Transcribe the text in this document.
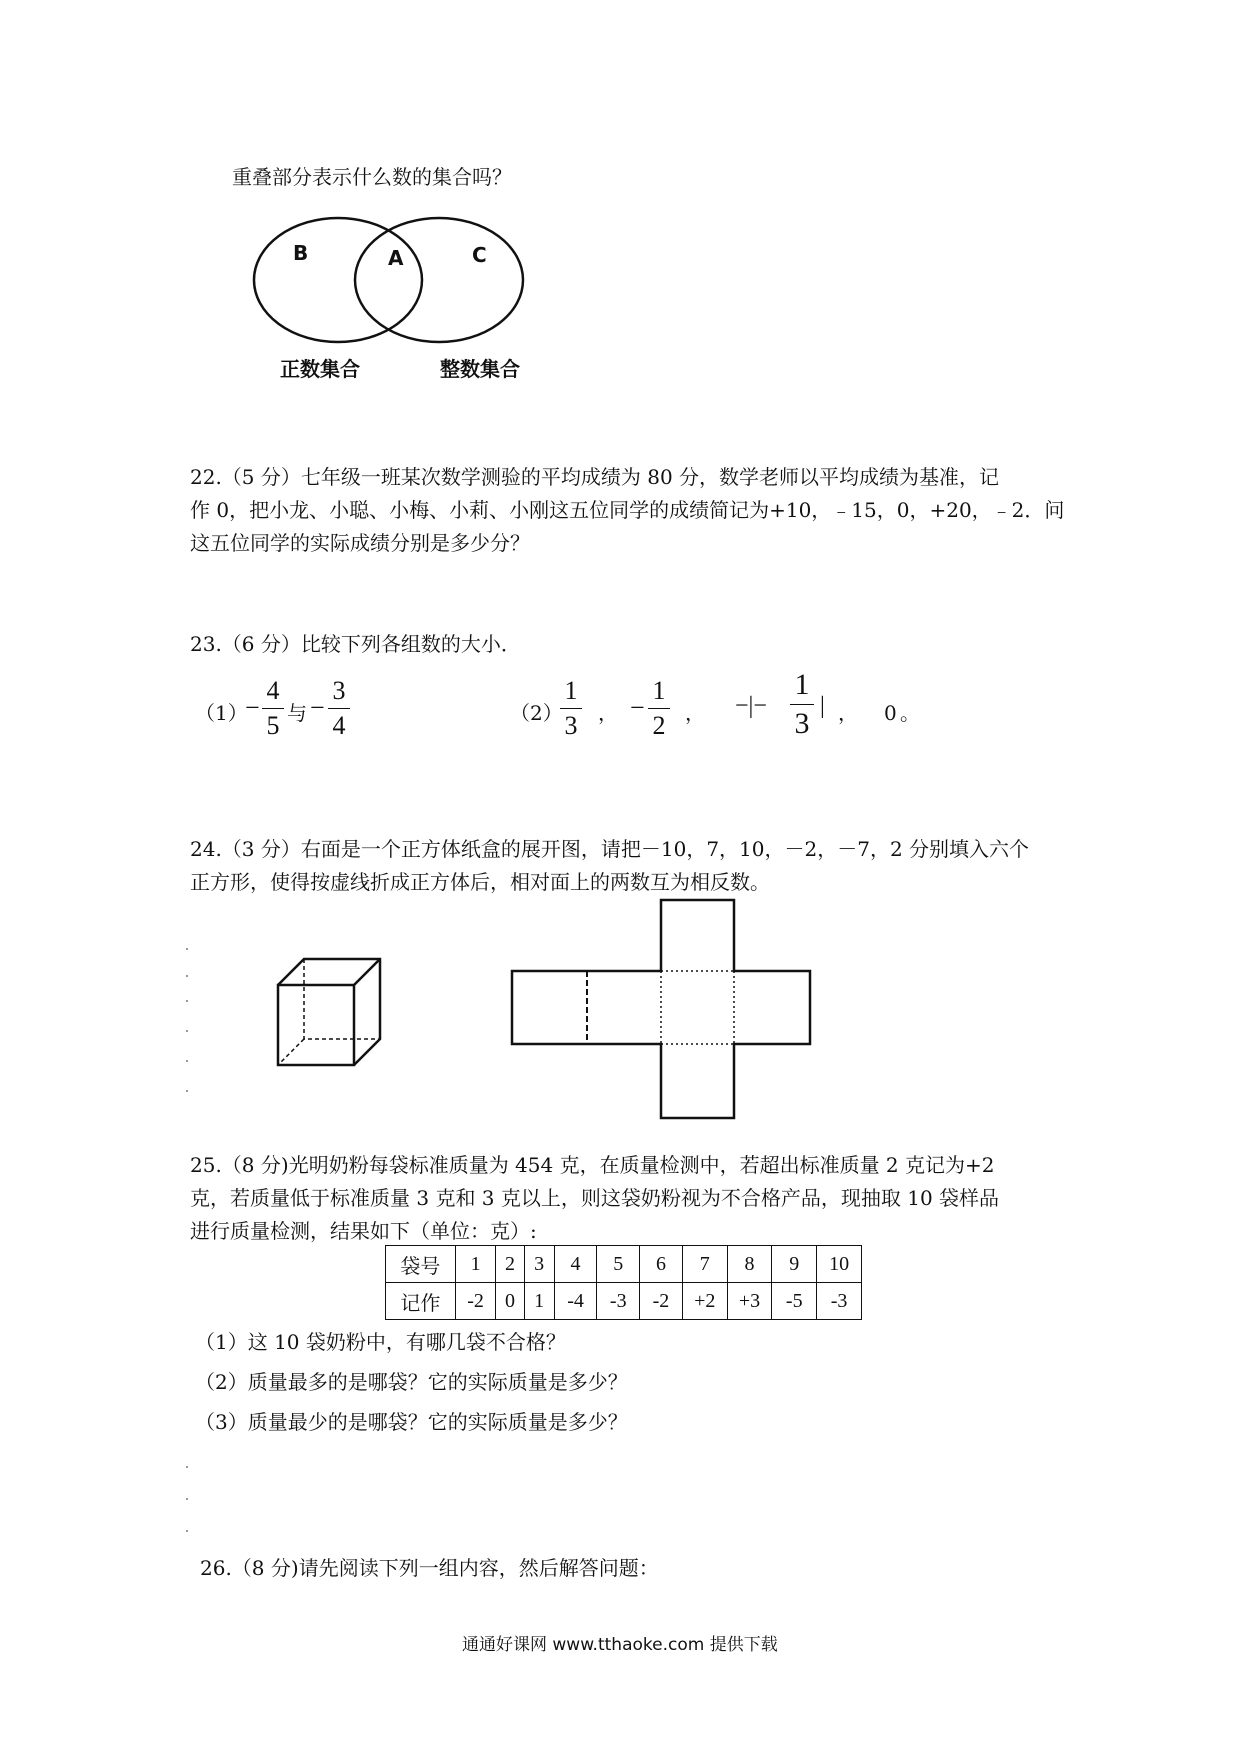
重叠部分表示什么数的集合吗？
B	A	C
正数集合	整数集合
22.（5 分）七年级一班某次数学测验的平均成绩为 80 分，数学老师以平均成绩为基准，记
作 0，把小龙、小聪、小梅、小莉、小刚这五位同学的成绩简记为+10，﹣15，0，+20，﹣2．问
这五位同学的实际成绩分别是多少分？
23.（6 分）比较下列各组数的大小．
（1）
−
4
5 与 −
3
4	（2）
1
3 ， −
1
2 ， −|−
1
3
| ， 0 。
24.（3 分）右面是一个正方体纸盒的展开图，请把－10，7，10，－2，－7，2 分别填入六个
正方形，使得按虚线折成正方体后，相对面上的两数互为相反数。
25.（8 分)光明奶粉每袋标准质量为 454 克，在质量检测中，若超出标准质量 2 克记为+2
克，若质量低于标准质量 3 克和 3 克以上，则这袋奶粉视为不合格产品，现抽取 10 袋样品
进行质量检测，结果如下（单位：克）:
袋号	1	2	3	4	5	6	7	8	9	10
记作	-2	0	1	-4	-3	-2	+2	+3	-5	-3
（1）这 10 袋奶粉中，有哪几袋不合格？
（2）质量最多的是哪袋？它的实际质量是多少？
（3）质量最少的是哪袋？它的实际质量是多少？
26.（8 分)请先阅读下列一组内容，然后解答问题：
通通好课网 www.tthaoke.com 提供下载
